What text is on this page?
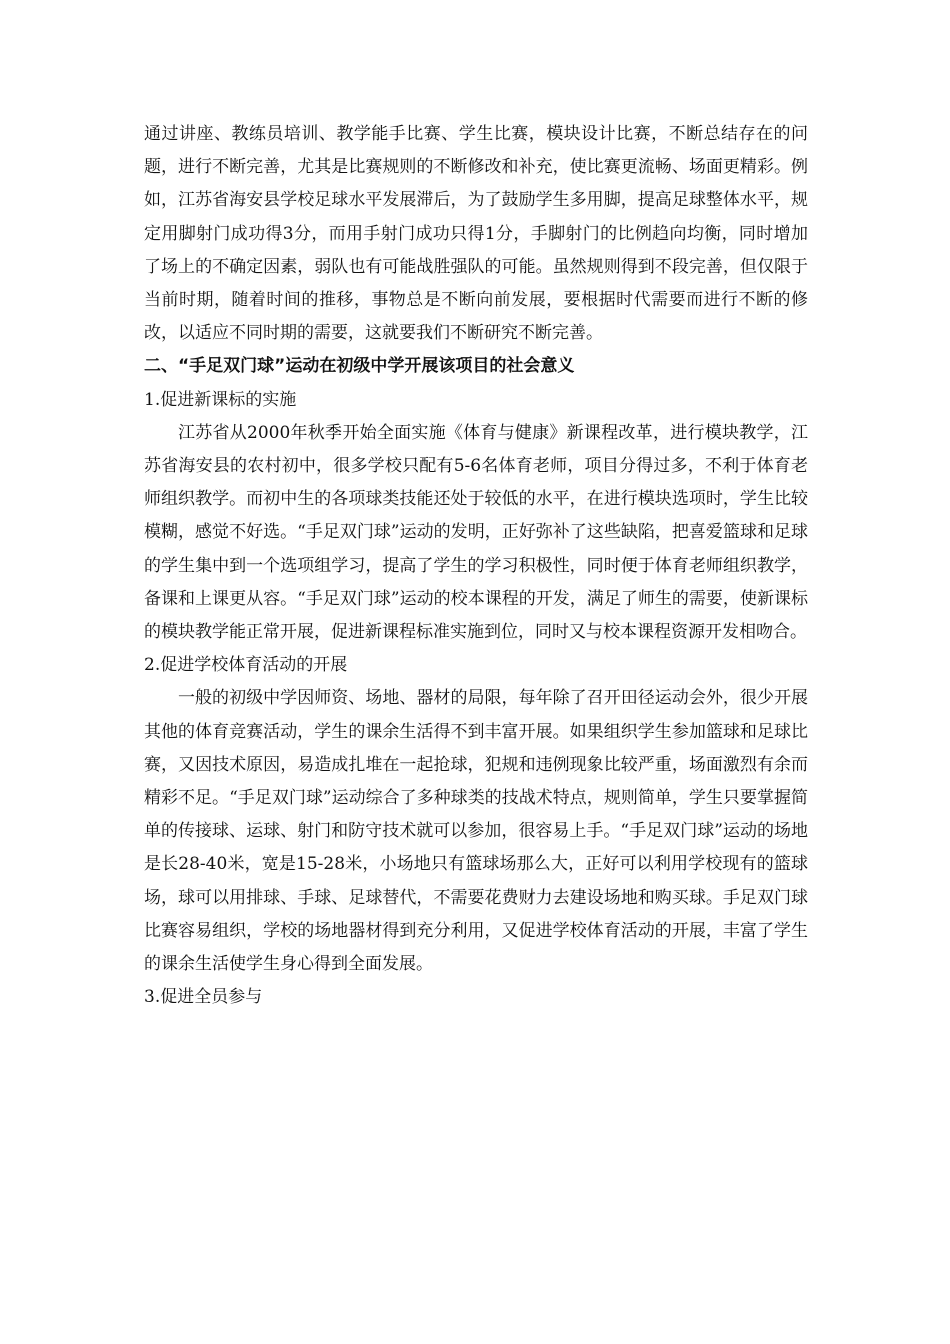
通过讲座、教练员培训、教学能手比赛、学生比赛，模块设计比赛，不断总结存在的问题，进行不断完善，尤其是比赛规则的不断修改和补充，使比赛更流畅、场面更精彩。例如，江苏省海安县学校足球水平发展滞后，为了鼓励学生多用脚，提高足球整体水平，规定用脚射门成功得3分，而用手射门成功只得1分，手脚射门的比例趋向均衡，同时增加了场上的不确定因素，弱队也有可能战胜强队的可能。虽然规则得到不段完善，但仅限于当前时期，随着时间的推移，事物总是不断向前发展，要根据时代需要而进行不断的修改，以适应不同时期的需要，这就要我们不断研究不断完善。

二、“手足双门球”运动在初级中学开展该项目的社会意义

1.促进新课标的实施

江苏省从2000年秋季开始全面实施《体育与健康》新课程改革，进行模块教学，江苏省海安县的农村初中，很多学校只配有5-6名体育老师，项目分得过多，不利于体育老师组织教学。而初中生的各项球类技能还处于较低的水平，在进行模块选项时，学生比较模糊，感觉不好选。“手足双门球”运动的发明，正好弥补了这些缺陷，把喜爱篮球和足球的学生集中到一个选项组学习，提高了学生的学习积极性，同时便于体育老师组织教学，备课和上课更从容。“手足双门球”运动的校本课程的开发，满足了师生的需要，使新课标的模块教学能正常开展，促进新课程标准实施到位，同时又与校本课程资源开发相吻合。

2.促进学校体育活动的开展

一般的初级中学因师资、场地、器材的局限，每年除了召开田径运动会外，很少开展其他的体育竞赛活动，学生的课余生活得不到丰富开展。如果组织学生参加篮球和足球比赛，又因技术原因，易造成扎堆在一起抢球，犯规和违例现象比较严重，场面激烈有余而精彩不足。“手足双门球”运动综合了多种球类的技战术特点，规则简单，学生只要掌握简单的传接球、运球、射门和防守技术就可以参加，很容易上手。“手足双门球”运动的场地是长28-40米，宽是15-28米，小场地只有篮球场那么大，正好可以利用学校现有的篮球场，球可以用排球、手球、足球替代，不需要花费财力去建设场地和购买球。手足双门球比赛容易组织，学校的场地器材得到充分利用，又促进学校体育活动的开展，丰富了学生的课余生活使学生身心得到全面发展。

3.促进全员参与
